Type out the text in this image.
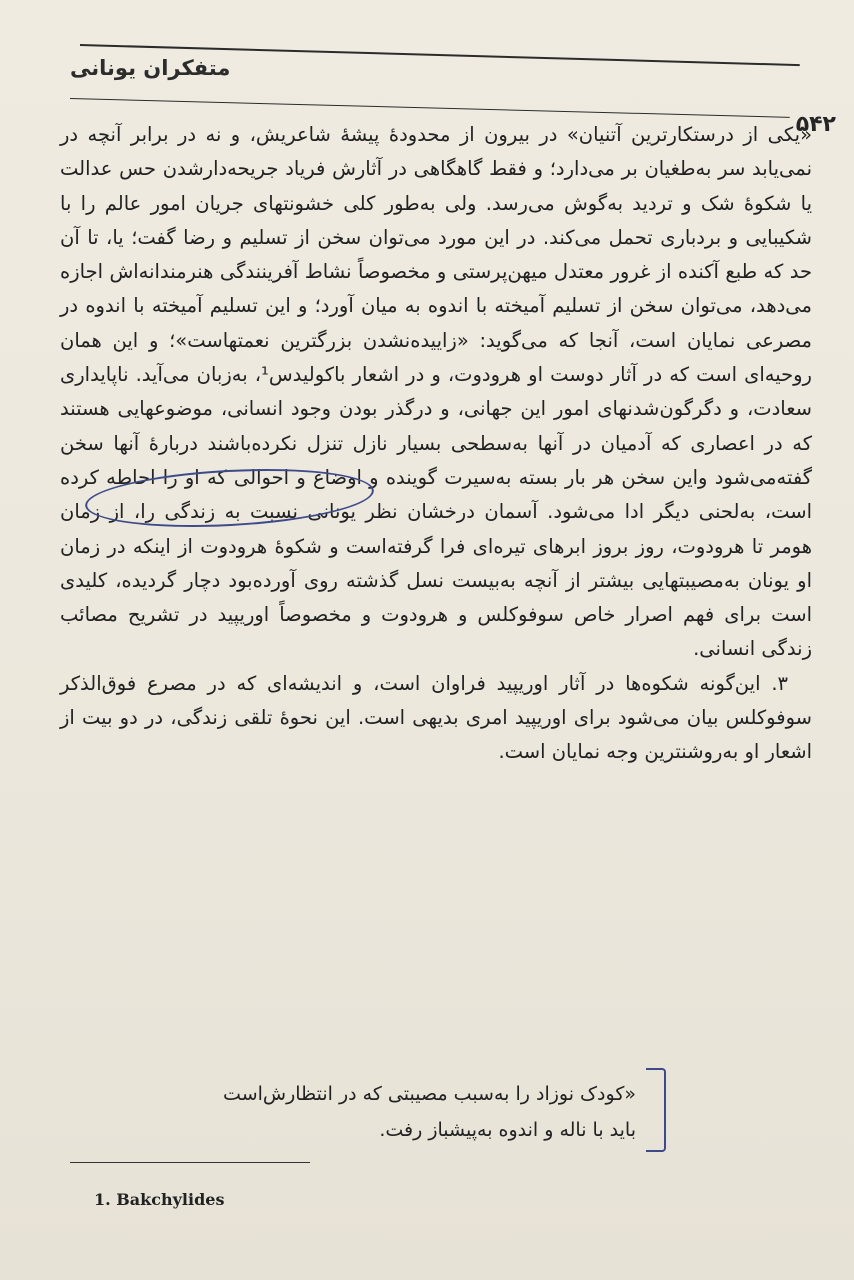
متفکران یونانی
۵۴۲

«یکی از درستکارترین آتنیان» در بیرون از محدودهٔ پیشهٔ شاعریش، و نه در برابر آنچه در نمی‌یابد سر به‌طغیان بر می‌دارد؛ و فقط گاهگاهی در آثارش فریاد جریحه‌دارشدن حس عدالت یا شکوهٔ شک و تردید به‌گوش می‌رسد. ولی به‌طور کلی خشونتهای جریان امور عالم را با شکیبایی و بردباری تحمل می‌کند. در این مورد می‌توان سخن از تسلیم و رضا گفت؛ یا، تا آن حد که طبع آکنده از غرور معتدل میهن‌پرستی و مخصوصاً نشاط آفرینندگی هنرمندانه‌اش اجازه می‌دهد، می‌توان سخن از تسلیم آمیخته با اندوه به میان آورد؛ و این تسلیم آمیخته با اندوه در مصرعی نمایان است، آنجا که می‌گوید: «زاییده‌نشدن بزرگترین نعمتهاست»؛ و این همان روحیه‌ای است که در آثار دوست او هرودوت، و در اشعار باکولیدس¹، به‌زبان می‌آید. ناپایداری سعادت، و دگرگون‌شدنهای امور این جهانی، و درگذر بودن وجود انسانی، موضوعهایی هستند که در اعصاری که آدمیان در آنها به‌سطحی بسیار نازل تنزل نکرده‌باشند دربارهٔ آنها سخن گفته‌می‌شود واین سخن هر بار بسته به‌سیرت گوینده و اوضاع و احوالی که او را احاطه کرده است، به‌لحنی دیگر ادا می‌شود. آسمان درخشان نظر یونانی نسبت به زندگی را، از زمان هومر تا هرودوت، روز بروز ابرهای تیره‌ای فرا گرفته‌است و شکوهٔ هرودوت از اینکه در زمان او یونان به‌مصیبتهایی بیشتر از آنچه به‌بیست نسل گذشته روی آورده‌بود دچار گردیده، کلیدی است برای فهم اصرار خاص سوفوکلس و هرودوت و مخصوصاً اوریپید در تشریح مصائب زندگی انسانی.

۳. این‌گونه شکوه‌ها در آثار اوریپید فراوان است، و اندیشه‌ای که در مصرع فوق‌الذکر سوفوکلس بیان می‌شود برای اوریپید امری بدیهی است. این نحوهٔ تلقی زندگی، در دو بیت از اشعار او به‌روشنترین وجه نمایان است.

«کودک نوزاد را به‌سبب مصیبتی که در انتظارش‌است
باید با ناله و اندوه به‌پیشباز رفت.
1. Bakchylides
